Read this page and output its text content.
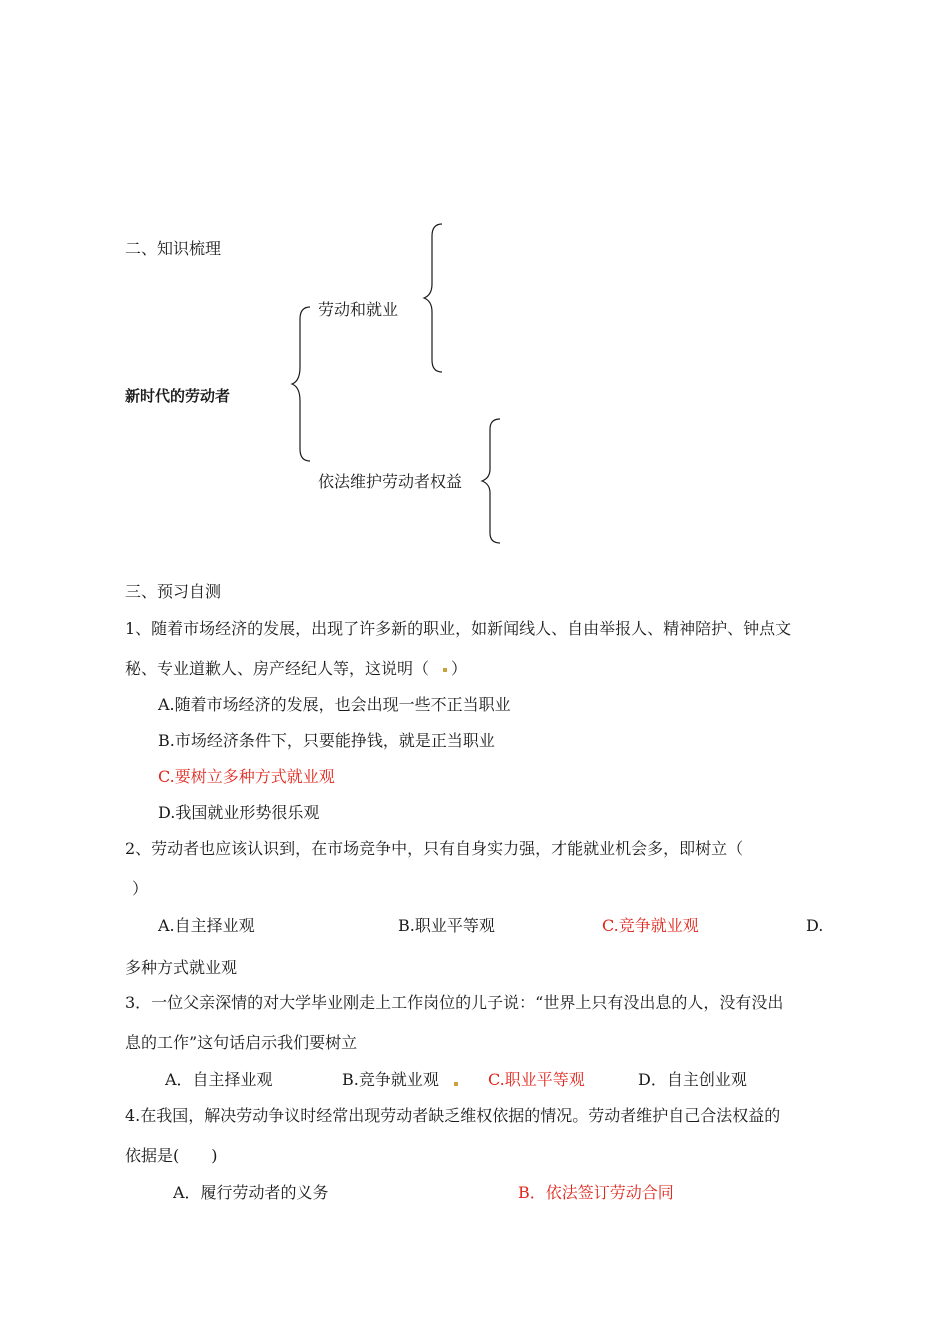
二、知识梳理
新时代的劳动者
劳动和就业
依法维护劳动者权益
三、预习自测
1、随着市场经济的发展，出现了许多新的职业，如新闻线人、自由举报人、精神陪护、钟点文
秘、专业道歉人、房产经纪人等，这说明（ ）
A.随着市场经济的发展，也会出现一些不正当职业
B.市场经济条件下，只要能挣钱，就是正当职业
C.要树立多种方式就业观
D.我国就业形势很乐观
2、劳动者也应该认识到，在市场竞争中，只有自身实力强，才能就业机会多，即树立（
）
A.自主择业观	B.职业平等观	C.竞争就业观	D.
多种方式就业观
3．一位父亲深情的对大学毕业刚走上工作岗位的儿子说：“世界上只有没出息的人，没有没出
息的工作”这句话启示我们要树立
A．自主择业观	B.竞争就业观	C.职业平等观	D．自主创业观
4.在我国，解决劳动争议时经常出现劳动者缺乏维权依据的情况。劳动者维护自己合法权益的
依据是(　　)
A．履行劳动者的义务	B．依法签订劳动合同
